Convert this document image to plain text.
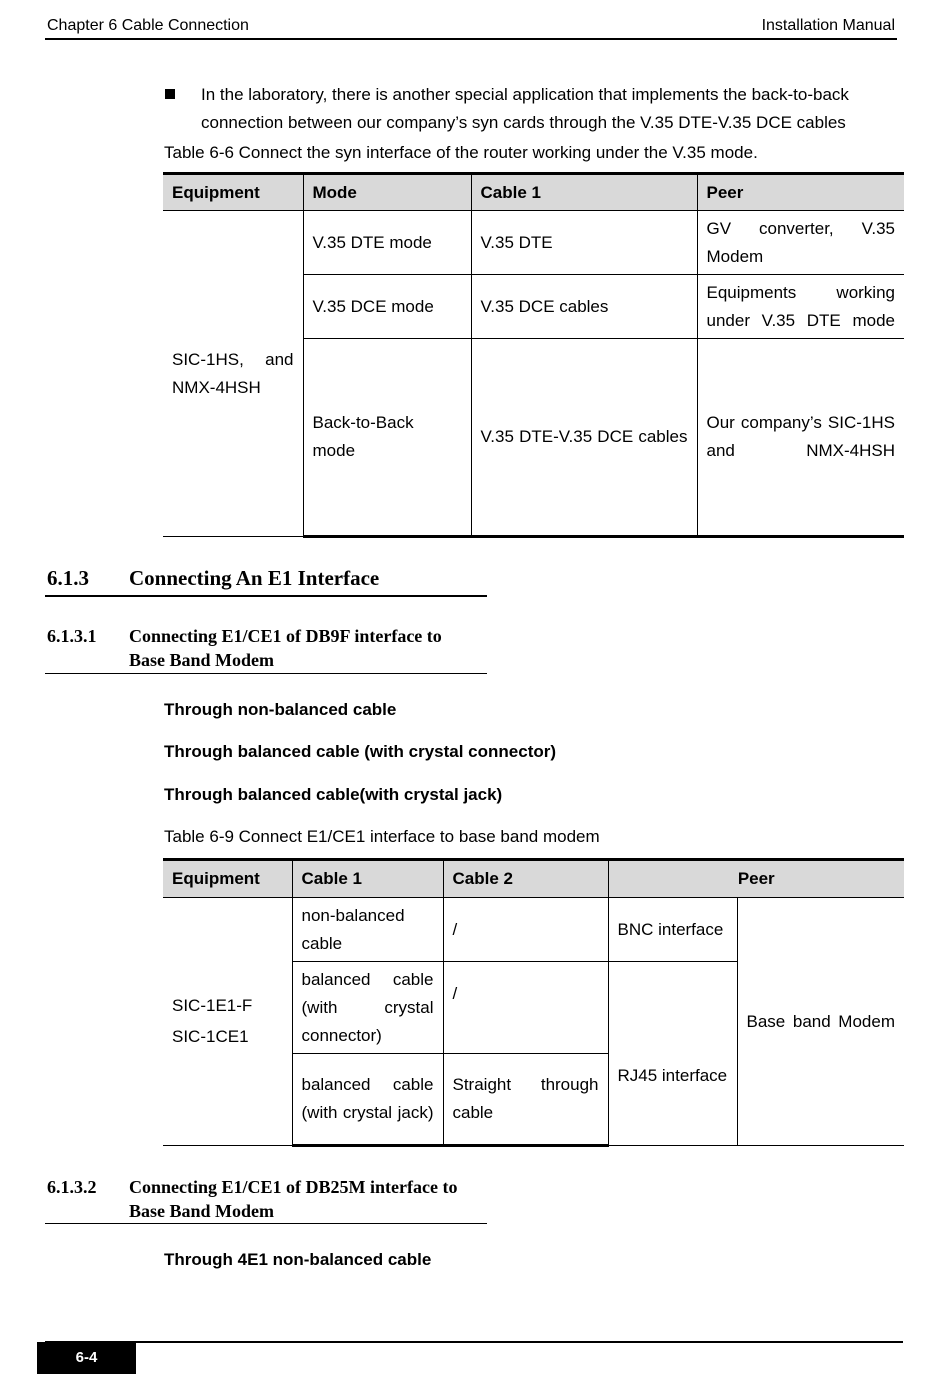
Chapter 6 Cable Connection	Installation Manual
In the laboratory, there is another special application that implements the back-to-back connection between our company’s syn cards through the V.35 DTE-V.35 DCE cables
Table 6-6 Connect the syn interface of the router working under the V.35 mode.
Equipment	Mode	Cable 1	Peer

SIC-1HS, and NMX-4HSH	V.35 DTE mode	V.35 DTE	GV converter, V.35 Modem

	V.35 DCE mode	V.35 DCE cables	Equipments working under V.35 DTE mode

	Back-to-Back mode	V.35 DTE-V.35 DCE cables	Our company’s SIC-1HS and NMX-4HSH
6.1.3 Connecting An E1 Interface
6.1.3.1 Connecting E1/CE1 of DB9F interface to
Base Band Modem
Through non-balanced cable
Through balanced cable (with crystal connector)
Through balanced cable(with crystal jack)
Table 6-9 Connect E1/CE1 interface to base band modem
Equipment	Cable 1	Cable 2	Peer	

SIC-1E1-F
SIC-1CE1	non-balanced cable	/	BNC interface	Base band Modem

	balanced cable (with crystal connector)	/	RJ45 interface	

	balanced cable (with crystal jack)	Straight through cable		
6.1.3.2 Connecting E1/CE1 of DB25M interface to
Base Band Modem
Through 4E1 non-balanced cable
6-4
